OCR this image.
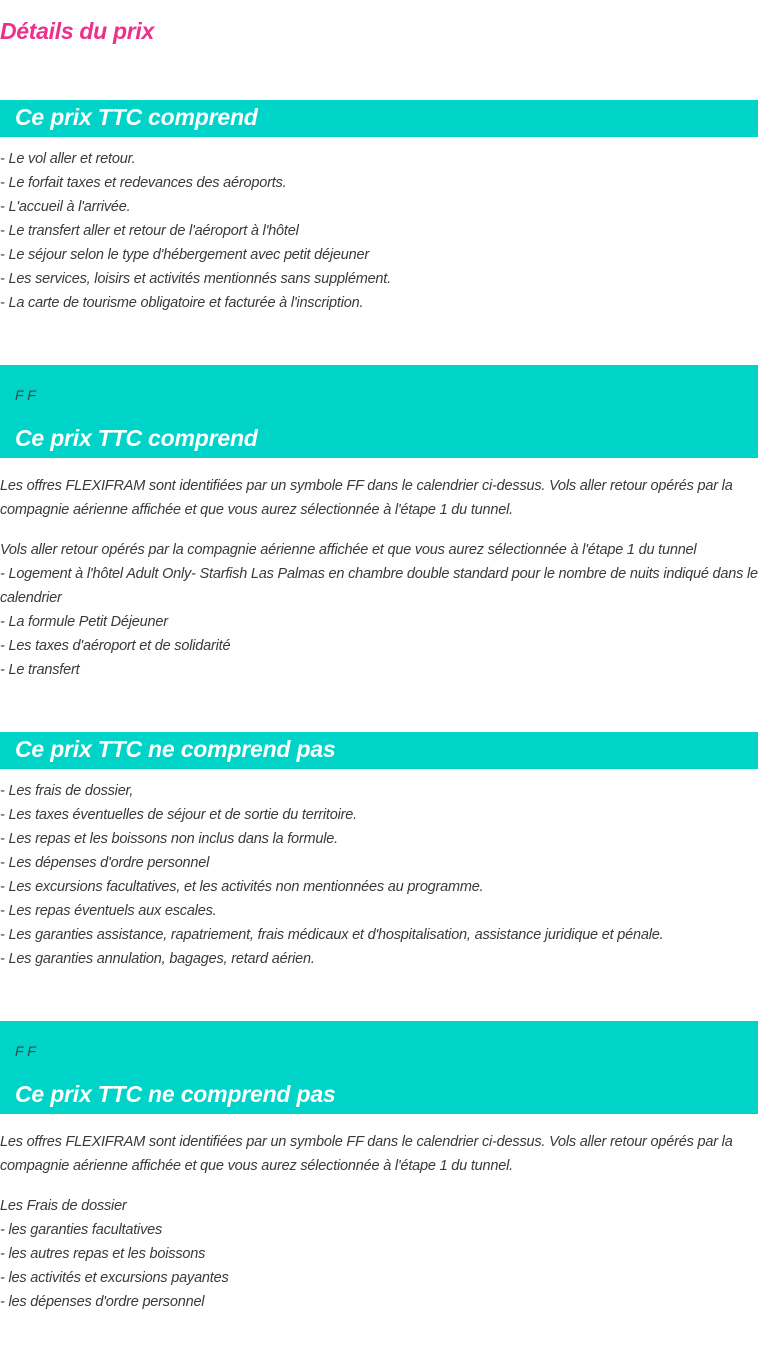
Détails du prix
Ce prix TTC comprend
- Le vol aller et retour.
- Le forfait taxes et redevances des aéroports.
- L'accueil à l'arrivée.
- Le transfert aller et retour de l'aéroport à l'hôtel
- Le séjour selon le type d'hébergement avec petit déjeuner
- Les services, loisirs et activités mentionnés sans supplément.
- La carte de tourisme obligatoire et facturée à l'inscription.
F F
Ce prix TTC comprend

Les offres FLEXIFRAM sont identifiées par un symbole FF dans le calendrier ci-dessus. Vols aller retour opérés par la compagnie aérienne affichée et que vous aurez sélectionnée à l'étape 1 du tunnel.

Vols aller retour opérés par la compagnie aérienne affichée et que vous aurez sélectionnée à l'étape 1 du tunnel
- Logement à l'hôtel Adult Only- Starfish Las Palmas en chambre double standard pour le nombre de nuits indiqué dans le calendrier
- La formule Petit Déjeuner
- Les taxes d'aéroport et de solidarité
- Le transfert
Ce prix TTC ne comprend pas
- Les frais de dossier,
- Les taxes éventuelles de séjour et de sortie du territoire.
- Les repas et les boissons non inclus dans la formule.
- Les dépenses d'ordre personnel
- Les excursions facultatives, et les activités non mentionnées au programme.
- Les repas éventuels aux escales.
- Les garanties assistance, rapatriement, frais médicaux et d'hospitalisation, assistance juridique et pénale.
- Les garanties annulation, bagages, retard aérien.
F F
Ce prix TTC ne comprend pas

Les offres FLEXIFRAM sont identifiées par un symbole FF dans le calendrier ci-dessus. Vols aller retour opérés par la compagnie aérienne affichée et que vous aurez sélectionnée à l'étape 1 du tunnel.

Les Frais de dossier
- les garanties facultatives
- les autres repas et les boissons
- les activités et excursions payantes
- les dépenses d'ordre personnel
